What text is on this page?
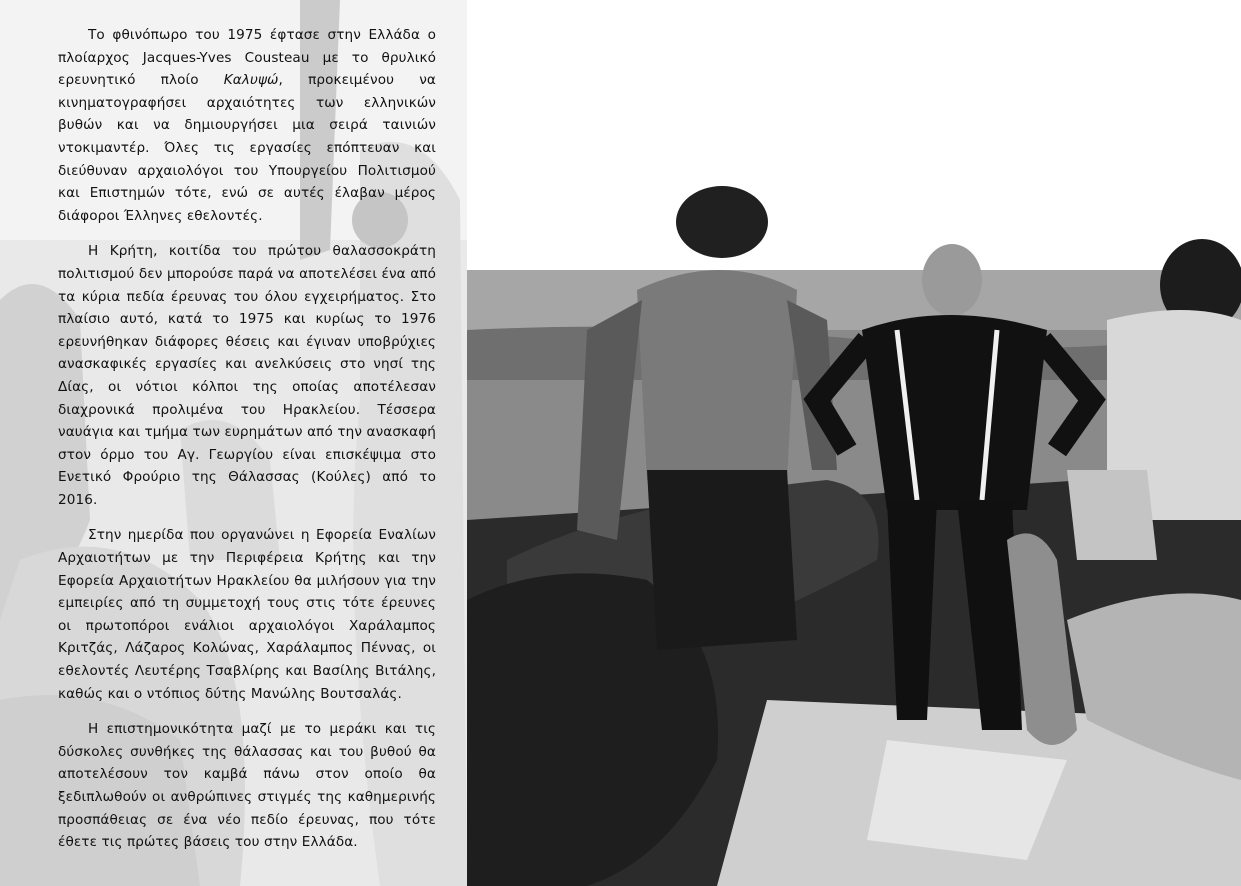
Το φθινόπωρο του 1975 έφτασε στην Ελλάδα ο πλοίαρχος Jacques-Yves Cousteau με το θρυλικό ερευνητικό πλοίο Καλυψώ, προκειμένου να κινηματογραφήσει αρχαιότητες των ελληνικών βυθών και να δημιουργήσει μια σειρά ταινιών ντοκιμαντέρ. Όλες τις εργασίες επόπτευαν και διεύθυναν αρχαιολόγοι του Υπουργείου Πολιτισμού και Επιστημών τότε, ενώ σε αυτές έλαβαν μέρος διάφοροι Έλληνες εθελοντές.

Η Κρήτη, κοιτίδα του πρώτου θαλασσοκράτη πολιτισμού δεν μπορούσε παρά να αποτελέσει ένα από τα κύρια πεδία έρευνας του όλου εγχειρήματος. Στο πλαίσιο αυτό, κατά το 1975 και κυρίως το 1976 ερευνήθηκαν διάφορες θέσεις και έγιναν υποβρύχιες ανασκαφικές εργασίες και ανελκύσεις στο νησί της Δίας, οι νότιοι κόλποι της οποίας αποτέλεσαν διαχρονικά προλιμένα του Ηρακλείου. Τέσσερα ναυάγια και τμήμα των ευρημάτων από την ανασκαφή στον όρμο του Αγ. Γεωργίου είναι επισκέψιμα στο Ενετικό Φρούριο της Θάλασσας (Κούλες) από το 2016.

Στην ημερίδα που οργανώνει η Εφορεία Εναλίων Αρχαιοτήτων με την Περιφέρεια Κρήτης και την Εφορεία Αρχαιοτήτων Ηρακλείου θα μιλήσουν για την εμπειρίες από τη συμμετοχή τους στις τότε έρευνες οι πρωτοπόροι ενάλιοι αρχαιολόγοι Χαράλαμπος Κριτζάς, Λάζαρος Κολώνας, Χαράλαμπος Πέννας, οι εθελοντές Λευτέρης Τσαβλίρης και Βασίλης Βιτάλης, καθώς και ο ντόπιος δύτης Μανώλης Βουτσαλάς.

Η επιστημονικότητα μαζί με το μεράκι και τις δύσκολες συνθήκες της θάλασσας και του βυθού θα αποτελέσουν τον καμβά πάνω στον οποίο θα ξεδιπλωθούν οι ανθρώπινες στιγμές της καθημερινής προσπάθειας σε ένα νέο πεδίο έρευνας, που τότε έθετε τις πρώτες βάσεις του στην Ελλάδα.
